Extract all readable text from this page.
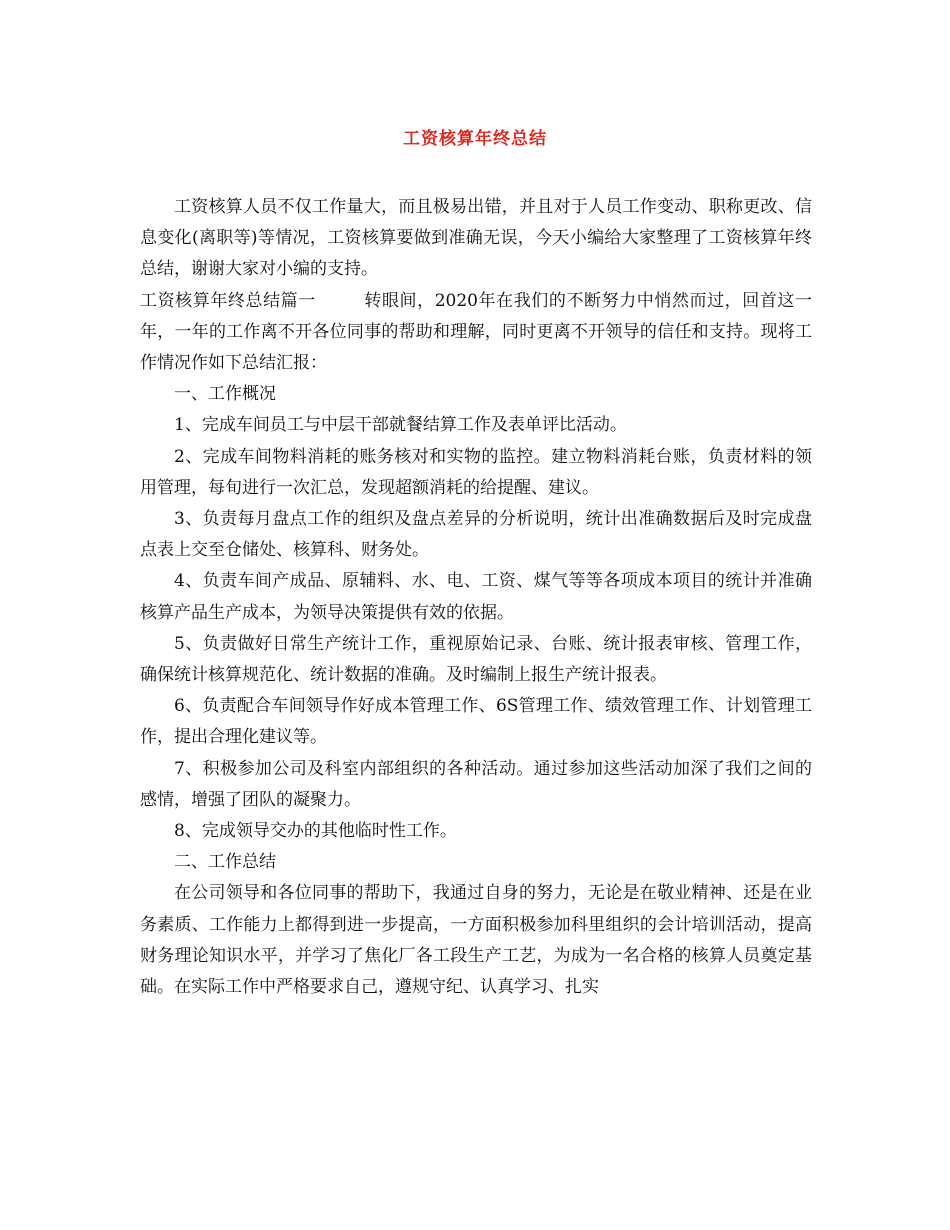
工资核算年终总结

工资核算人员不仅工作量大，而且极易出错，并且对于人员工作变动、职称更改、信息变化(离职等)等情况，工资核算要做到准确无误，今天小编给大家整理了工资核算年终总结，谢谢大家对小编的支持。

工资核算年终总结篇一	转眼间，2020年在我们的不断努力中悄然而过，回首这一年，一年的工作离不开各位同事的帮助和理解，同时更离不开领导的信任和支持。现将工作情况作如下总结汇报：

一、工作概况

1、完成车间员工与中层干部就餐结算工作及表单评比活动。

2、完成车间物料消耗的账务核对和实物的监控。建立物料消耗台账，负责材料的领用管理，每旬进行一次汇总，发现超额消耗的给提醒、建议。

3、负责每月盘点工作的组织及盘点差异的分析说明，统计出准确数据后及时完成盘点表上交至仓储处、核算科、财务处。

4、负责车间产成品、原辅料、水、电、工资、煤气等等各项成本项目的统计并准确核算产品生产成本，为领导决策提供有效的依据。

5、负责做好日常生产统计工作，重视原始记录、台账、统计报表审核、管理工作，确保统计核算规范化、统计数据的准确。及时编制上报生产统计报表。

6、负责配合车间领导作好成本管理工作、6S管理工作、绩效管理工作、计划管理工作，提出合理化建议等。

7、积极参加公司及科室内部组织的各种活动。通过参加这些活动加深了我们之间的感情，增强了团队的凝聚力。

8、完成领导交办的其他临时性工作。

二、工作总结

在公司领导和各位同事的帮助下，我通过自身的努力，无论是在敬业精神、还是在业务素质、工作能力上都得到进一步提高，一方面积极参加科里组织的会计培训活动，提高财务理论知识水平，并学习了焦化厂各工段生产工艺，为成为一名合格的核算人员奠定基础。在实际工作中严格要求自己，遵规守纪、认真学习、扎实
